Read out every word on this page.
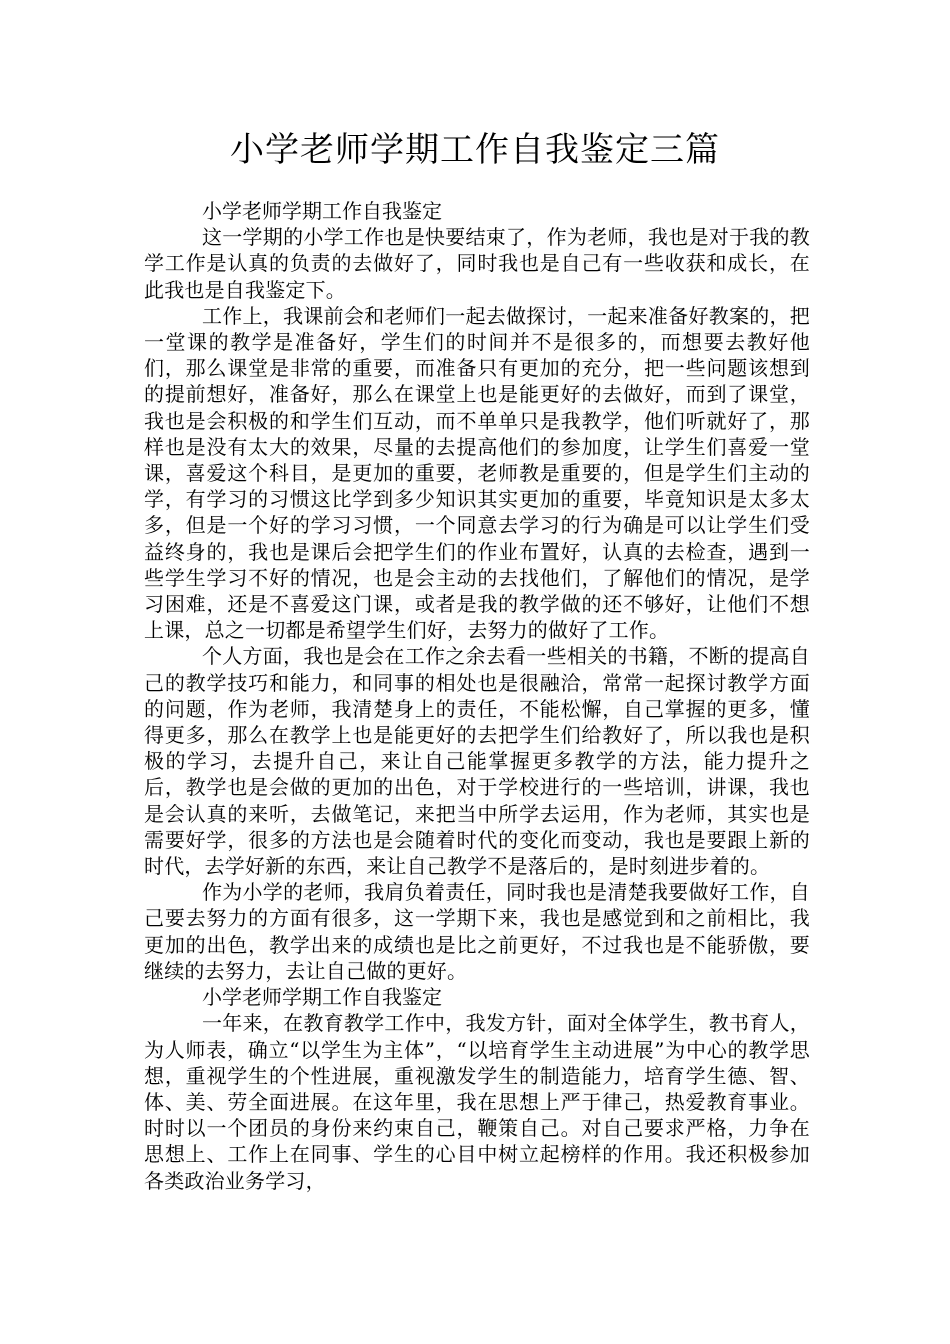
小学老师学期工作自我鉴定三篇

小学老师学期工作自我鉴定

这一学期的小学工作也是快要结束了，作为老师，我也是对于我的教学工作是认真的负责的去做好了，同时我也是自己有一些收获和成长，在此我也是自我鉴定下。

工作上，我课前会和老师们一起去做探讨，一起来准备好教案的，把一堂课的教学是准备好，学生们的时间并不是很多的，而想要去教好他们，那么课堂是非常的重要，而准备只有更加的充分，把一些问题该想到的提前想好，准备好，那么在课堂上也是能更好的去做好，而到了课堂，我也是会积极的和学生们互动，而不单单只是我教学，他们听就好了，那样也是没有太大的效果，尽量的去提高他们的参加度，让学生们喜爱一堂课，喜爱这个科目，是更加的重要，老师教是重要的，但是学生们主动的学，有学习的习惯这比学到多少知识其实更加的重要，毕竟知识是太多太多，但是一个好的学习习惯，一个同意去学习的行为确是可以让学生们受益终身的，我也是课后会把学生们的作业布置好，认真的去检查，遇到一些学生学习不好的情况，也是会主动的去找他们，了解他们的情况，是学习困难，还是不喜爱这门课，或者是我的教学做的还不够好，让他们不想上课，总之一切都是希望学生们好，去努力的做好了工作。

个人方面，我也是会在工作之余去看一些相关的书籍，不断的提高自己的教学技巧和能力，和同事的相处也是很融洽，常常一起探讨教学方面的问题，作为老师，我清楚身上的责任，不能松懈，自己掌握的更多，懂得更多，那么在教学上也是能更好的去把学生们给教好了，所以我也是积极的学习，去提升自己，来让自己能掌握更多教学的方法，能力提升之后，教学也是会做的更加的出色，对于学校进行的一些培训，讲课，我也是会认真的来听，去做笔记，来把当中所学去运用，作为老师，其实也是需要好学，很多的方法也是会随着时代的变化而变动，我也是要跟上新的时代，去学好新的东西，来让自己教学不是落后的，是时刻进步着的。

作为小学的老师，我肩负着责任，同时我也是清楚我要做好工作，自己要去努力的方面有很多，这一学期下来，我也是感觉到和之前相比，我更加的出色，教学出来的成绩也是比之前更好，不过我也是不能骄傲，要继续的去努力，去让自己做的更好。

小学老师学期工作自我鉴定

一年来，在教育教学工作中，我发方针，面对全体学生，教书育人，为人师表，确立“以学生为主体”，“以培育学生主动进展”为中心的教学思想，重视学生的个性进展，重视激发学生的制造能力，培育学生德、智、体、美、劳全面进展。在这年里，我在思想上严于律己，热爱教育事业。时时以一个团员的身份来约束自己，鞭策自己。对自己要求严格，力争在思想上、工作上在同事、学生的心目中树立起榜样的作用。我还积极参加各类政治业务学习，
